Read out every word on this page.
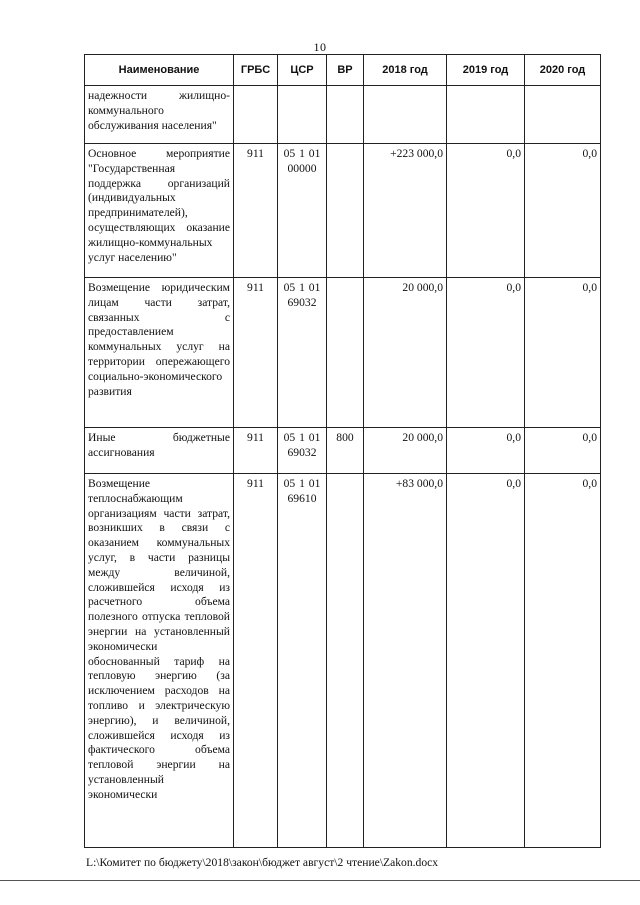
10
Наименование	ГРБС	ЦСР	ВР	2018 год	2019 год	2020 год
надежности жилищно-коммунального обслуживания населения"						
Основное мероприятие "Государственная поддержка организаций (индивидуальных предпринимателей), осуществляющих оказание жилищно-коммунальных услуг населению"	911	05 1 01 00000		+223 000,0	0,0	0,0
Возмещение юридическим лицам части затрат, связанных с предоставлением коммунальных услуг на территории опережающего социально-экономического развития	911	05 1 01 69032		20 000,0	0,0	0,0
Иные бюджетные ассигнования	911	05 1 01 69032	800	20 000,0	0,0	0,0
Возмещение теплоснабжающим организациям части затрат, возникших в связи с оказанием коммунальных услуг, в части разницы между величиной, сложившейся исходя из расчетного объема полезного отпуска тепловой энергии на установленный экономически обоснованный тариф на тепловую энергию (за исключением расходов на топливо и электрическую энергию), и величиной, сложившейся исходя из фактического объема тепловой энергии на установленный экономически	911	05 1 01 69610		+83 000,0	0,0	0,0
L:\Комитет по бюджету\2018\закон\бюджет август\2 чтение\Zakon.docx
